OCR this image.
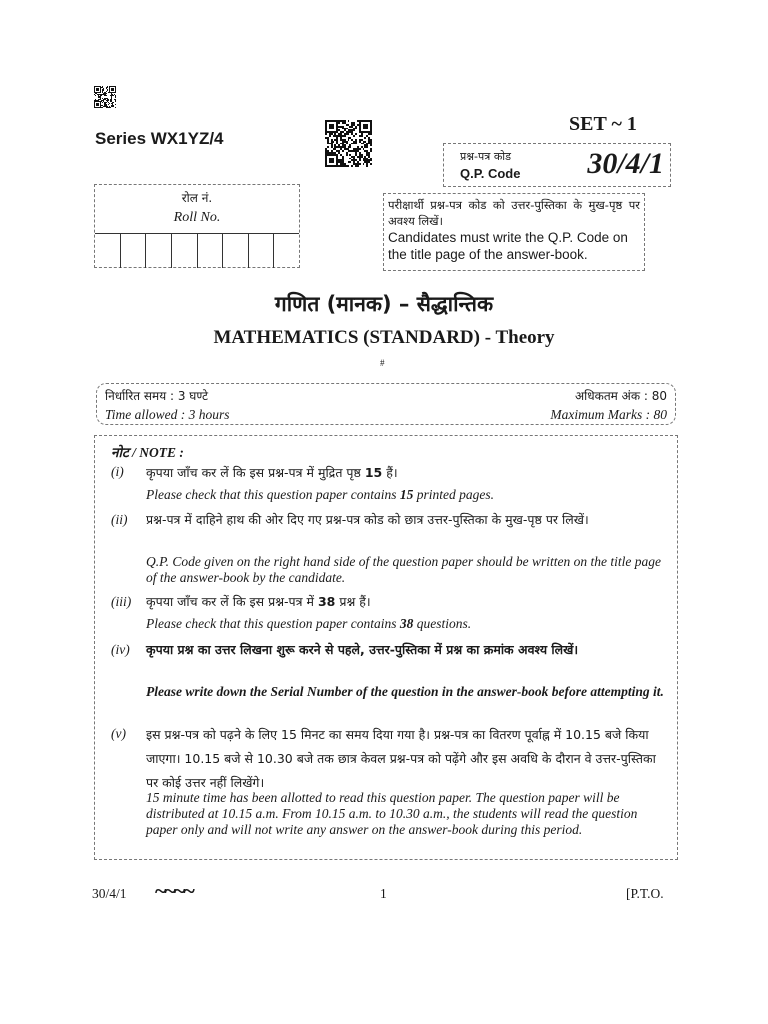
Series WX1YZ/4
SET ~ 1
प्रश्न-पत्र कोड
Q.P. Code 30/4/1
रोल नं.
Roll No.
परीक्षार्थी प्रश्न-पत्र कोड को उत्तर-पुस्तिका के मुख-पृष्ठ पर अवश्य लिखें।
Candidates must write the Q.P. Code on the title page of the answer-book.
गणित (मानक) – सैद्धान्तिक
MATHEMATICS (STANDARD) - Theory
#
निर्धारित समय : 3 घण्टे
Time allowed : 3 hours
अधिकतम अंक : 80
Maximum Marks : 80
नोट / NOTE :
(i) कृपया जाँच कर लें कि इस प्रश्न-पत्र में मुद्रित पृष्ठ 15 हैं।
Please check that this question paper contains 15 printed pages.
(ii) प्रश्न-पत्र में दाहिने हाथ की ओर दिए गए प्रश्न-पत्र कोड को छात्र उत्तर-पुस्तिका के मुख-पृष्ठ पर लिखें।
Q.P. Code given on the right hand side of the question paper should be written on the title page of the answer-book by the candidate.
(iii) कृपया जाँच कर लें कि इस प्रश्न-पत्र में 38 प्रश्न हैं।
Please check that this question paper contains 38 questions.
(iv) कृपया प्रश्न का उत्तर लिखना शुरू करने से पहले, उत्तर-पुस्तिका में प्रश्न का क्रमांक अवश्य लिखें।
Please write down the Serial Number of the question in the answer-book before attempting it.
(v) इस प्रश्न-पत्र को पढ़ने के लिए 15 मिनट का समय दिया गया है। प्रश्न-पत्र का वितरण पूर्वाह्न में 10.15 बजे किया जाएगा। 10.15 बजे से 10.30 बजे तक छात्र केवल प्रश्न-पत्र को पढ़ेंगे और इस अवधि के दौरान वे उत्तर-पुस्तिका पर कोई उत्तर नहीं लिखेंगे।
15 minute time has been allotted to read this question paper. The question paper will be distributed at 10.15 a.m. From 10.15 a.m. to 10.30 a.m., the students will read the question paper only and will not write any answer on the answer-book during this period.
30/4/1 ~~~~	1	[P.T.O.
